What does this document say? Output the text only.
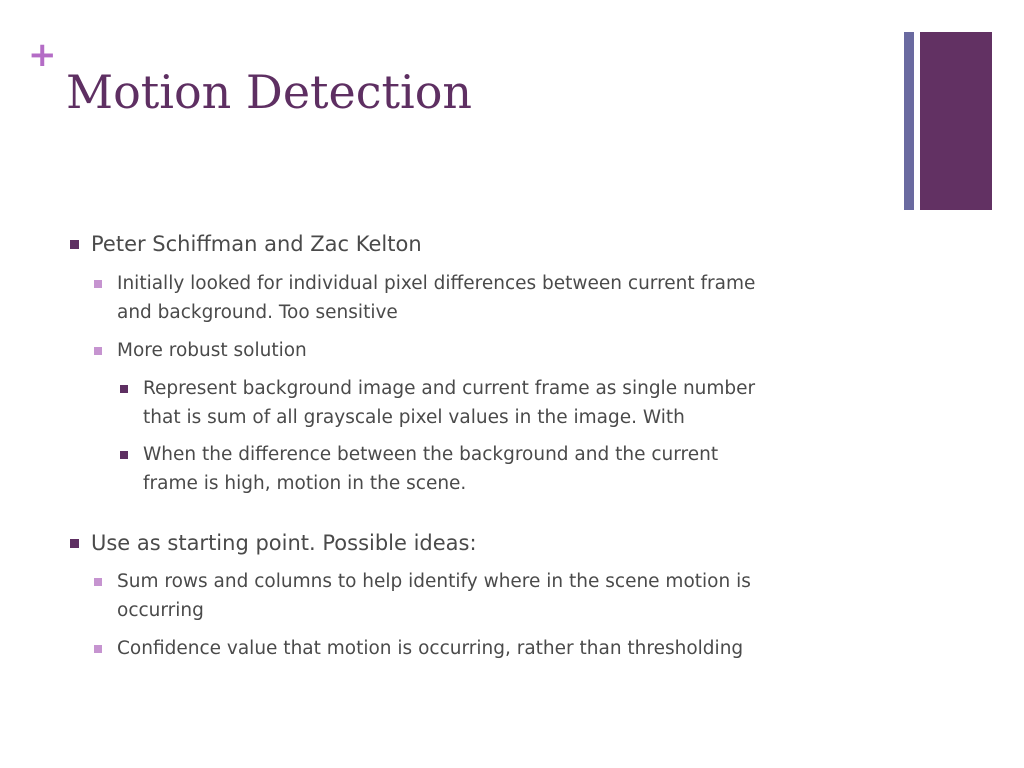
+
Motion Detection
Peter Schiffman and Zac Kelton
Initially looked for individual pixel differences between current frame
and background. Too sensitive
More robust solution
Represent background image and current frame as single number
that is sum of all grayscale pixel values in the image. With
When the difference between the background and the current
frame is high, motion in the scene.
Use as starting point. Possible ideas:
Sum rows and columns to help identify where in the scene motion is
occurring
Confidence value that motion is occurring, rather than thresholding
